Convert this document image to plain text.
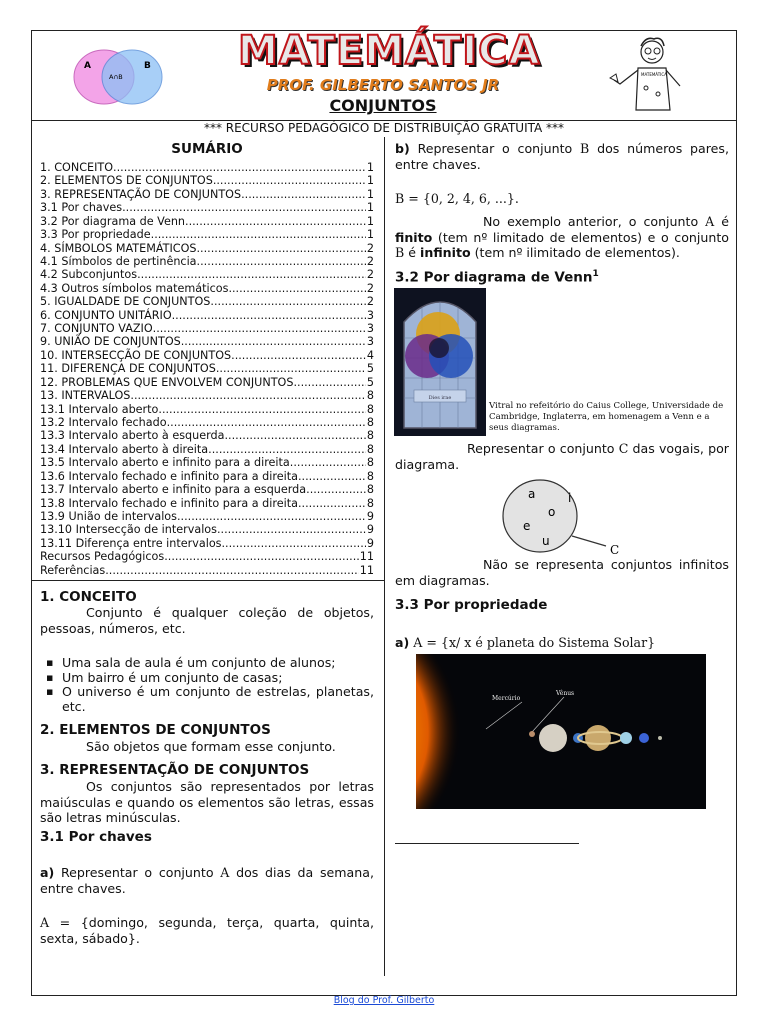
A	B
A∩B
MATEMÁTICA
PROF. GILBERTO SANTOS JR
CONJUNTOS
MATEMÁTICA
*** RECURSO PEDAGÓGICO DE DISTRIBUIÇÃO GRATUITA ***
SUMÁRIO
1. CONCEITO .....	1
2. ELEMENTOS DE CONJUNTOS .....	1
3. REPRESENTAÇÃO DE CONJUNTOS .....	1
3.1 Por chaves .....	1
3.2 Por diagrama de Venn .....	1
3.3 Por propriedade .....	1
4. SÍMBOLOS MATEMÁTICOS .....	2
4.1 Símbolos de pertinência .....	2
4.2 Subconjuntos .....	2
4.3 Outros símbolos matemáticos .....	2
5. IGUALDADE DE CONJUNTOS .....	2
6. CONJUNTO UNITÁRIO .....	3
7. CONJUNTO VAZIO .....	3
9. UNIÃO DE CONJUNTOS .....	3
10. INTERSECÇÃO DE CONJUNTOS .....	4
11. DIFERENÇA DE CONJUNTOS .....	5
12. PROBLEMAS QUE ENVOLVEM CONJUNTOS .....	5
13. INTERVALOS .....	8
13.1 Intervalo aberto .....	8
13.2 Intervalo fechado .....	8
13.3 Intervalo aberto à esquerda .....	8
13.4 Intervalo aberto à direita .....	8
13.5 Intervalo aberto e infinito para a direita .....	8
13.6 Intervalo fechado e infinito para a direita .....	8
13.7 Intervalo aberto e infinito para a esquerda .....	8
13.8 Intervalo fechado e infinito para a direita .....	8
13.9 União de intervalos .....	9
13.10 Intersecção de intervalos .....	9
13.11 Diferença entre intervalos .....	9
Recursos Pedagógicos .....	11
Referências .....	11
1. CONCEITO

Conjunto é qualquer coleção de objetos, pessoas, números, etc.

▪ Uma sala de aula é um conjunto de alunos;
▪ Um bairro é um conjunto de casas;
▪ O universo é um conjunto de estrelas, planetas, etc.
2. ELEMENTOS DE CONJUNTOS

São objetos que formam esse conjunto.

3. REPRESENTAÇÃO DE CONJUNTOS

Os conjuntos são representados por letras maiúsculas e quando os elementos são letras, essas são letras minúsculas.

3.1 Por chaves

a) Representar o conjunto A dos dias da semana, entre chaves.

A = {domingo, segunda, terça, quarta, quinta, sexta, sábado}.

b) Representar o conjunto B dos números pares, entre chaves.

B = {0, 2, 4, 6, ...}.

No exemplo anterior, o conjunto A é finito (tem nº limitado de elementos) e o conjunto B é infinito (tem nº ilimitado de elementos).

3.2 Por diagrama de Venn$^1$
Dies irae
Vitral no refeitório do Caius College, Universidade de Cambridge, Inglaterra, em homenagem a Venn e a seus diagramas.

Representar o conjunto C das vogais, por diagrama.

a	i
o
e
u
C

Não se representa conjuntos infinitos em diagramas.

3.3 Por propriedade

a) A = {x/ x é planeta do Sistema Solar}

Mercúrio
Vênus
Blog do Prof. Gilberto
